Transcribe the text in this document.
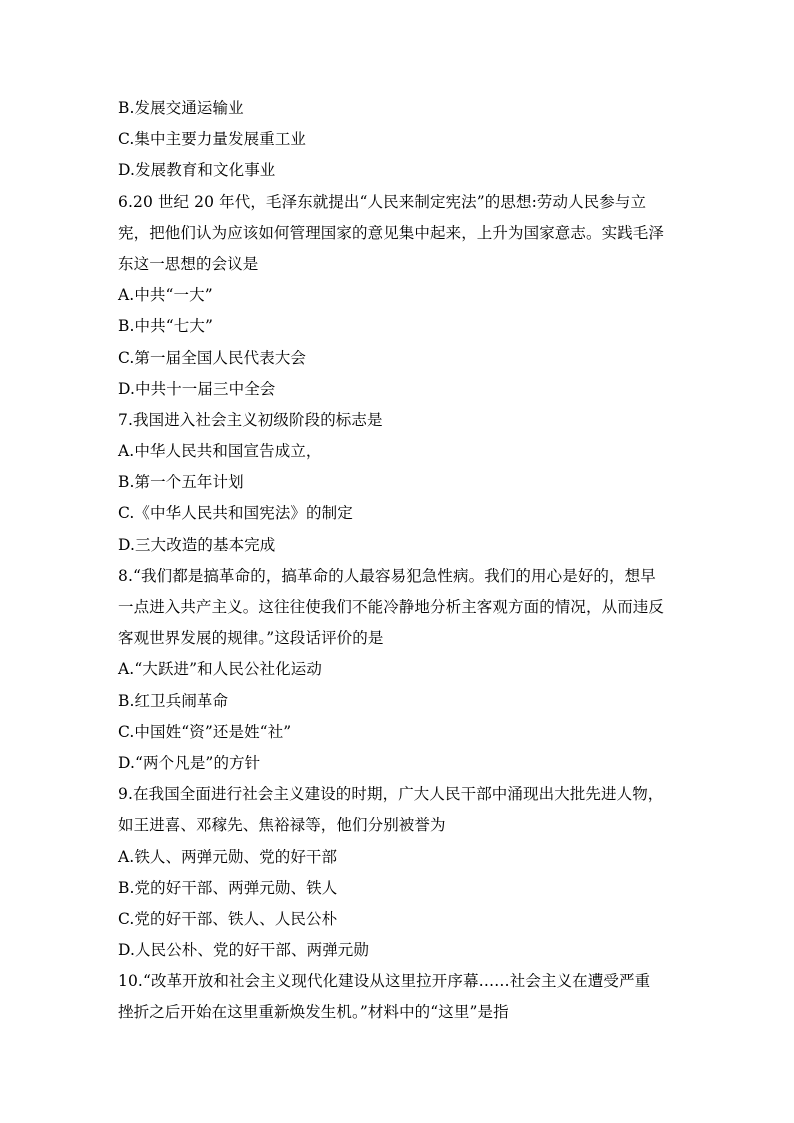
B.发展交通运输业
C.集中主要力量发展重工业
D.发展教育和文化事业
6.20 世纪 20 年代，毛泽东就提出“人民来制定宪法”的思想:劳动人民参与立
宪，把他们认为应该如何管理国家的意见集中起来，上升为国家意志。实践毛泽
东这一思想的会议是
A.中共“一大”
B.中共“七大”
C.第一届全国人民代表大会
D.中共十一届三中全会
7.我国进入社会主义初级阶段的标志是
A.中华人民共和国宣告成立，
B.第一个五年计划
C.《中华人民共和国宪法》的制定
D.三大改造的基本完成
8.“我们都是搞革命的，搞革命的人最容易犯急性病。我们的用心是好的，想早
一点进入共产主义。这往往使我们不能冷静地分析主客观方面的情况，从而违反
客观世界发展的规律。”这段话评价的是
A.“大跃进”和人民公社化运动
B.红卫兵闹革命
C.中国姓“资”还是姓“社”
D.“两个凡是”的方针
9.在我国全面进行社会主义建设的时期，广大人民干部中涌现出大批先进人物，
如王进喜、邓稼先、焦裕禄等，他们分别被誉为
A.铁人、两弹元勋、党的好干部
B.党的好干部、两弹元勋、铁人
C.党的好干部、铁人、人民公朴
D.人民公朴、党的好干部、两弹元勋
10.“改革开放和社会主义现代化建设从这里拉开序幕……社会主义在遭受严重
挫折之后开始在这里重新焕发生机。”材料中的“这里”是指
